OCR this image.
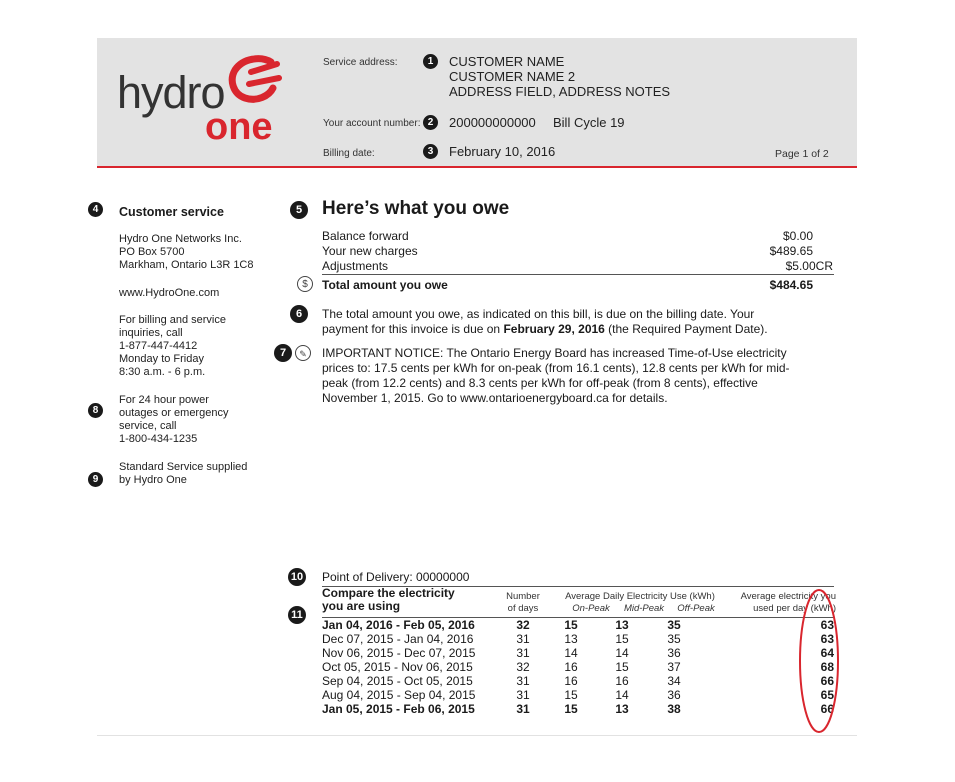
hydro
one
Service address:	1	CUSTOMER NAME
CUSTOMER NAME 2
ADDRESS FIELD, ADDRESS NOTES
Your account number: 2	200000000000 Bill Cycle 19
Billing date:	3	February 10, 2016	Page 1 of 2
4	Customer service
Hydro One Networks Inc.
PO Box 5700
Markham, Ontario L3R 1C8
www.HydroOne.com
For billing and service
inquiries, call
1-877-447-4412
Monday to Friday
8:30 a.m. - 6 p.m.
8
For 24 hour power
outages or emergency
service, call
1-800-434-1235
9
Standard Service supplied
by Hydro One
5	Here’s what you owe
Balance forward	$0.00
Your new charges	$489.65
Adjustments	$5.00CR
$	Total amount you owe	$484.65
6	The total amount you owe, as indicated on this bill, is due on the billing date. Your
payment for this invoice is due on February 29, 2016 (the Required Payment Date).
7	✎	IMPORTANT NOTICE: The Ontario Energy Board has increased Time-of-Use electricity
prices to: 17.5 cents per kWh for on-peak (from 16.1 cents), 12.8 cents per kWh for mid-
peak (from 12.2 cents) and 8.3 cents per kWh for off-peak (from 8 cents), effective
November 1, 2015. Go to www.ontarioenergyboard.ca for details.
10 Point of Delivery: 00000000
11
Compare the electricity
you are using
Number
of days
Average Daily Electricity Use (kWh)
On-Peak	Mid-Peak	Off-Peak
Average electricity you
used per day (kWh)
Jan 04, 2016 - Feb 05, 2016	32	15	13	35	63
Dec 07, 2015 - Jan 04, 2016	31	13	15	35	63
Nov 06, 2015 - Dec 07, 2015	31	14	14	36	64
Oct 05, 2015 - Nov 06, 2015	32	16	15	37	68
Sep 04, 2015 - Oct 05, 2015	31	16	16	34	66
Aug 04, 2015 - Sep 04, 2015	31	15	14	36	65
Jan 05, 2015 - Feb 06, 2015	31	15	13	38	66
